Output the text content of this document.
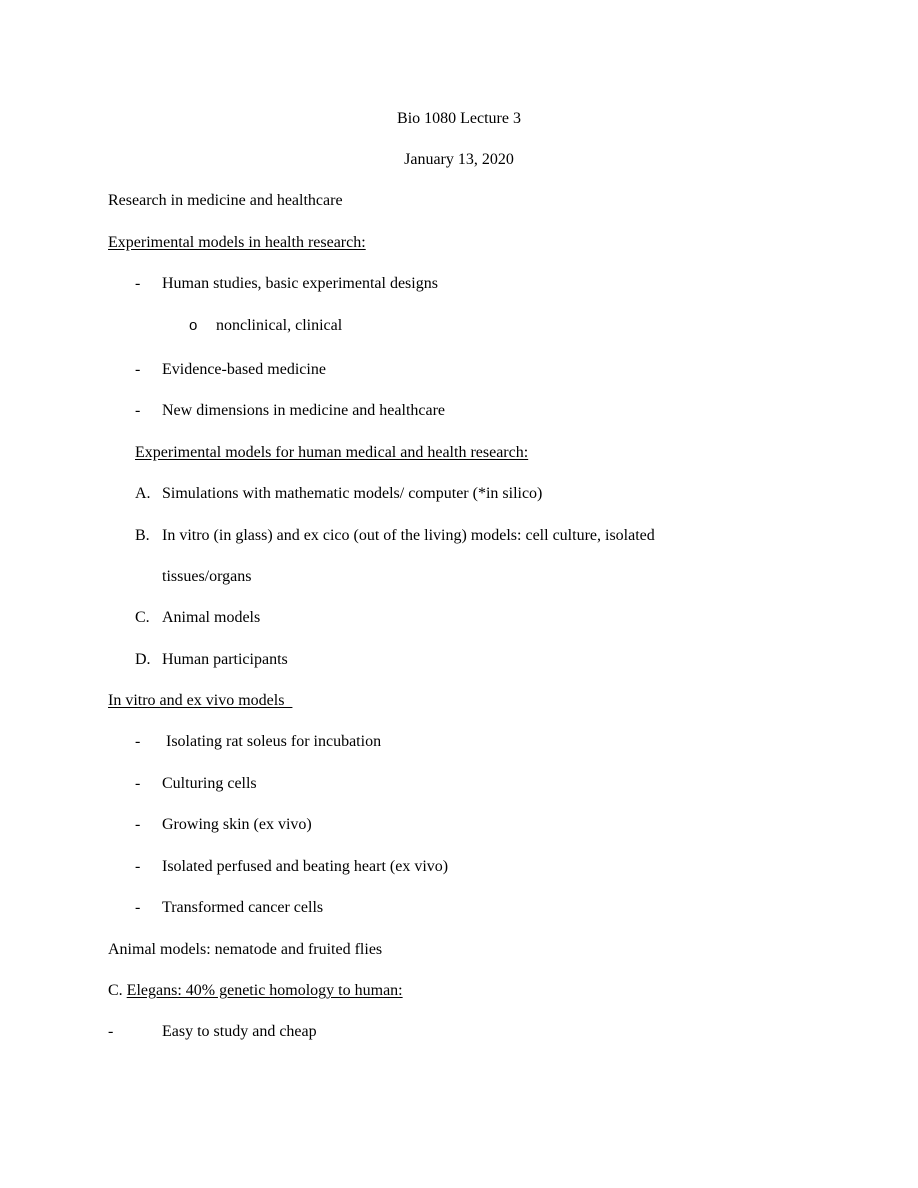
Bio 1080 Lecture 3
January 13, 2020
Research in medicine and healthcare
Experimental models in health research:
- Human studies, basic experimental designs
o nonclinical, clinical
- Evidence-based medicine
- New dimensions in medicine and healthcare
Experimental models for human medical and health research:
A. Simulations with mathematic models/ computer (*in silico)
B. In vitro (in glass) and ex cico (out of the living) models: cell culture, isolated
tissues/organs
C. Animal models
D. Human participants
In vitro and ex vivo models
- Isolating rat soleus for incubation
- Culturing cells
- Growing skin (ex vivo)
- Isolated perfused and beating heart (ex vivo)
- Transformed cancer cells
Animal models: nematode and fruited flies
C. Elegans: 40% genetic homology to human:
-	Easy to study and cheap
